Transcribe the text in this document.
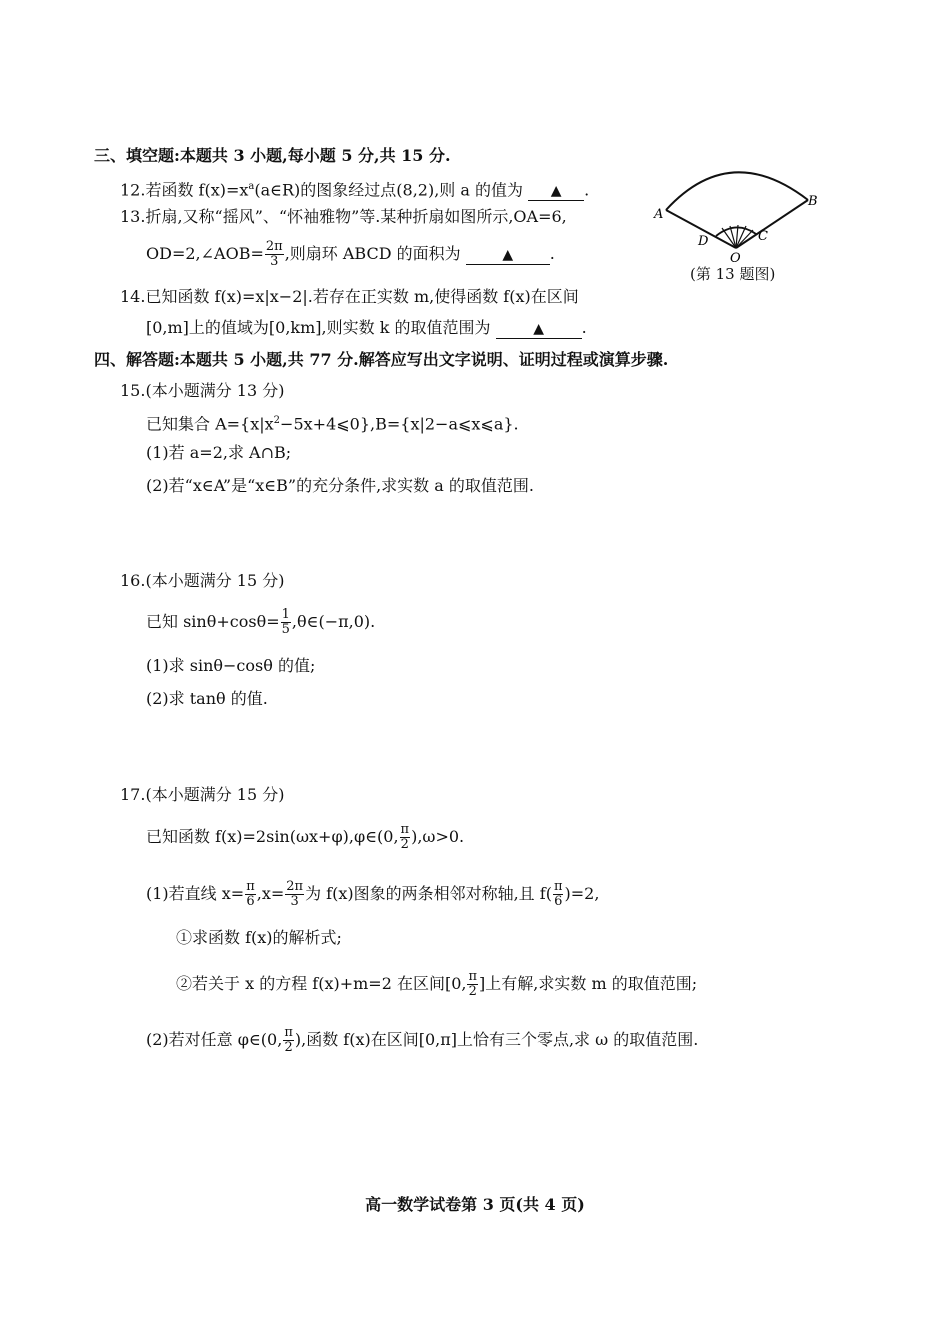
三、填空题:本题共 3 小题,每小题 5 分,共 15 分.
12.若函数 $f(x)=x^a(a\in R)$的图象经过点(8,2),则 a 的值为 ▲ .
13.折扇,又称“摇风”、“怀袖雅物”等.某种折扇如图所示,OA=6,
OD=2,∠AOB= $\frac{2\pi}{3}$ ,则扇环 ABCD 的面积为	▲ .
14.已知函数 f(x)=x|x−2|.若存在正实数 m,使得函数 f(x)在区间
[0,m]上的值域为[0,km],则实数 k 的取值范围为	▲ .
A
B
C
D
O
(第 13 题图)
四、解答题:本题共 5 小题,共 77 分.解答应写出文字说明、证明过程或演算步骤.
15.(本小题满分 13 分)
已知集合 $A=\{x|x^2-5x+4⩽0\},B=\{x|2-a⩽x⩽a\}$.
(1)若 a=2,求 A∩B;
(2)若“x∈A”是“x∈B”的充分条件,求实数 a 的取值范围.
16.(本小题满分 15 分)
已知 $\sin\theta+\cos\theta= \frac{1}{5}$ ,θ∈(−π,0).
(1)求 sinθ−cosθ 的值;
(2)求 tanθ 的值.
17.(本小题满分 15 分)
已知函数 f(x)=2sin(ωx+φ),φ∈(0, $\frac{\pi}{2} ),\omega>0$.
(1)若直线 $x= \frac{\pi}{6} ,x= \frac{2\pi}{3}$ 为 f(x)图象的两条相邻对称轴,且 $f( \frac{\pi}{6} )=2$,
①求函数 f(x)的解析式;
②若关于 x 的方程 f(x)+m=2 在区间[0, $\frac{\pi}{2}$ ]上有解,求实数 m 的取值范围;
(2)若对任意 φ∈(0, $\frac{\pi}{2}$ ),函数 f(x)在区间[0,π]上恰有三个零点,求 ω 的取值范围.
高一数学试卷第 3 页(共 4 页)
